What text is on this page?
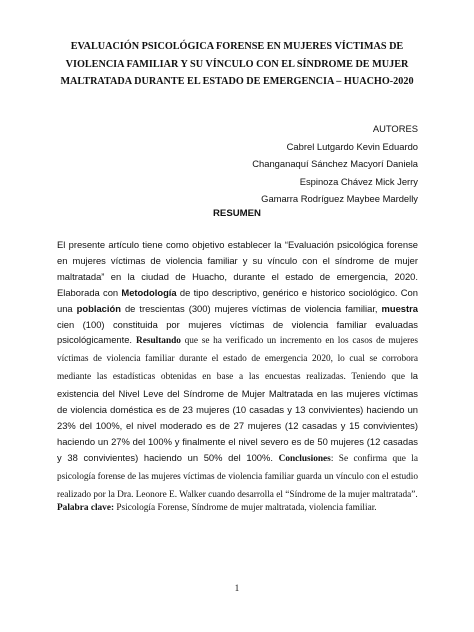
EVALUACIÓN PSICOLÓGICA FORENSE EN MUJERES VÍCTIMAS DE
VIOLENCIA FAMILIAR Y SU VÍNCULO CON EL SÍNDROME DE MUJER
MALTRATADA DURANTE EL ESTADO DE EMERGENCIA – HUACHO-2020
AUTORES
Cabrel Lutgardo Kevin Eduardo
Changanaquí Sánchez Macyorí Daniela
Espinoza Chávez Mick Jerry
Gamarra Rodríguez Maybee Mardelly
RESUMEN

El presente artículo tiene como objetivo establecer la “Evaluación psicológica forense en mujeres víctimas de violencia familiar y su vínculo con el síndrome de mujer maltratada” en la ciudad de Huacho, durante el estado de emergencia, 2020. Elaborada con Metodología de tipo descriptivo, genérico e historico sociológico. Con una población de trescientas (300) mujeres víctimas de violencia familiar, muestra cien (100) constituida por mujeres víctimas de violencia familiar evaluadas psicológicamente. Resultando que se ha verificado un incremento en los casos de mujeres víctimas de violencia familiar durante el estado de emergencia 2020, lo cual se corrobora mediante las estadísticas obtenidas en base a las encuestas realizadas. Teniendo que la existencia del Nivel Leve del Síndrome de Mujer Maltratada en las mujeres víctimas de violencia doméstica es de 23 mujeres (10 casadas y 13 convivientes) haciendo un 23% del 100%, el nivel moderado es de 27 mujeres (12 casadas y 15 convivientes) haciendo un 27% del 100% y finalmente el nivel severo es de 50 mujeres (12 casadas y 38 convivientes) haciendo un 50% del 100%. Conclusiones: Se confirma que la psicología forense de las mujeres víctimas de violencia familiar guarda un vínculo con el estudio realizado por la Dra. Leonore E. Walker cuando desarrolla el “Síndrome de la mujer maltratada”.

Palabra clave: Psicología Forense, Síndrome de mujer maltratada, violencia familiar.
1
